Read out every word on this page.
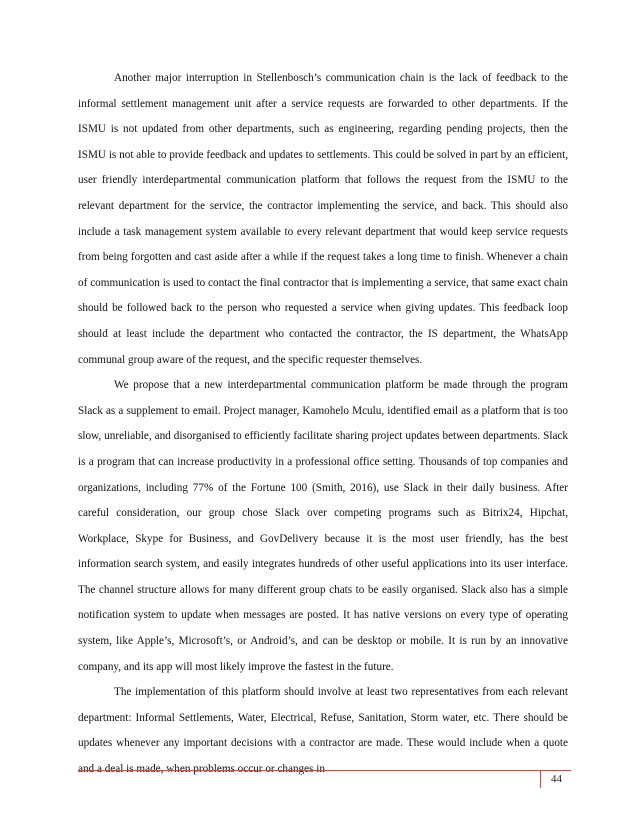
Another major interruption in Stellenbosch’s communication chain is the lack of feedback to the informal settlement management unit after a service requests are forwarded to other departments. If the ISMU is not updated from other departments, such as engineering, regarding pending projects, then the ISMU is not able to provide feedback and updates to settlements. This could be solved in part by an efficient, user friendly interdepartmental communication platform that follows the request from the ISMU to the relevant department for the service, the contractor implementing the service, and back. This should also include a task management system available to every relevant department that would keep service requests from being forgotten and cast aside after a while if the request takes a long time to finish. Whenever a chain of communication is used to contact the final contractor that is implementing a service, that same exact chain should be followed back to the person who requested a service when giving updates. This feedback loop should at least include the department who contacted the contractor, the IS department, the WhatsApp communal group aware of the request, and the specific requester themselves.

We propose that a new interdepartmental communication platform be made through the program Slack as a supplement to email. Project manager, Kamohelo Mculu, identified email as a platform that is too slow, unreliable, and disorganised to efficiently facilitate sharing project updates between departments. Slack is a program that can increase productivity in a professional office setting. Thousands of top companies and organizations, including 77% of the Fortune 100 (Smith, 2016), use Slack in their daily business. After careful consideration, our group chose Slack over competing programs such as Bitrix24, Hipchat, Workplace, Skype for Business, and GovDelivery because it is the most user friendly, has the best information search system, and easily integrates hundreds of other useful applications into its user interface. The channel structure allows for many different group chats to be easily organised. Slack also has a simple notification system to update when messages are posted. It has native versions on every type of operating system, like Apple’s, Microsoft’s, or Android’s, and can be desktop or mobile. It is run by an innovative company, and its app will most likely improve the fastest in the future.

The implementation of this platform should involve at least two representatives from each relevant department: Informal Settlements, Water, Electrical, Refuse, Sanitation, Storm water, etc. There should be updates whenever any important decisions with a contractor are made. These would include when a quote and a deal is made, when problems occur or changes in

44
